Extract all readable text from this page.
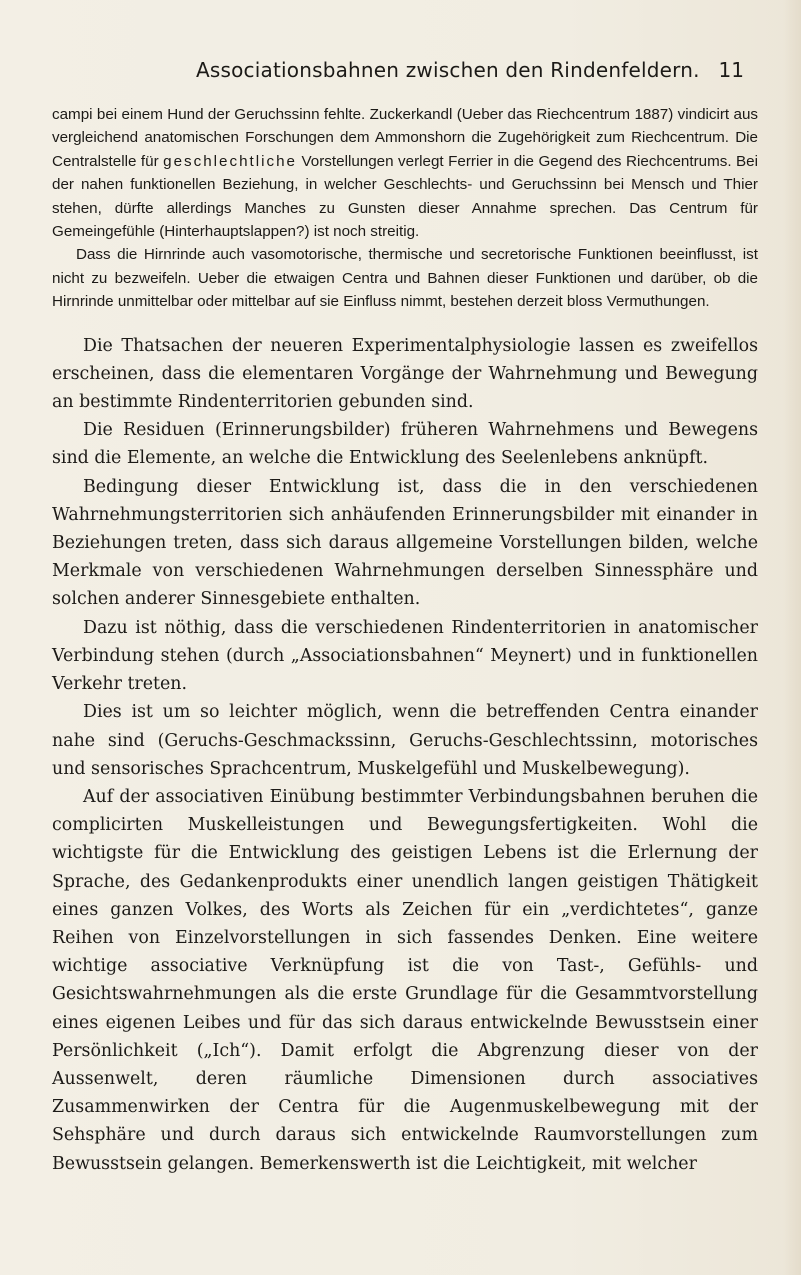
Associationsbahnen zwischen den Rindenfeldern. 11

campi bei einem Hund der Geruchssinn fehlte. Zuckerkandl (Ueber das Riechcentrum 1887) vindicirt aus vergleichend anatomischen Forschungen dem Ammonshorn die Zugehörigkeit zum Riechcentrum. Die Centralstelle für geschlechtliche Vorstellungen verlegt Ferrier in die Gegend des Riechcentrums. Bei der nahen funktionellen Beziehung, in welcher Geschlechts- und Geruchssinn bei Mensch und Thier stehen, dürfte allerdings Manches zu Gunsten dieser Annahme sprechen. Das Centrum für Gemeingefühle (Hinterhauptslappen?) ist noch streitig.

Dass die Hirnrinde auch vasomotorische, thermische und secretorische Funktionen beeinflusst, ist nicht zu bezweifeln. Ueber die etwaigen Centra und Bahnen dieser Funktionen und darüber, ob die Hirnrinde unmittelbar oder mittelbar auf sie Einfluss nimmt, bestehen derzeit bloss Vermuthungen.

Die Thatsachen der neueren Experimentalphysiologie lassen es zweifellos erscheinen, dass die elementaren Vorgänge der Wahrnehmung und Bewegung an bestimmte Rindenterritorien gebunden sind.

Die Residuen (Erinnerungsbilder) früheren Wahrnehmens und Bewegens sind die Elemente, an welche die Entwicklung des Seelenlebens anknüpft.

Bedingung dieser Entwicklung ist, dass die in den verschiedenen Wahrnehmungsterritorien sich anhäufenden Erinnerungsbilder mit einander in Beziehungen treten, dass sich daraus allgemeine Vorstellungen bilden, welche Merkmale von verschiedenen Wahrnehmungen derselben Sinnessphäre und solchen anderer Sinnesgebiete enthalten.

Dazu ist nöthig, dass die verschiedenen Rindenterritorien in anatomischer Verbindung stehen (durch „Associationsbahnen“ Meynert) und in funktionellen Verkehr treten.

Dies ist um so leichter möglich, wenn die betreffenden Centra einander nahe sind (Geruchs-Geschmackssinn, Geruchs-Geschlechtssinn, motorisches und sensorisches Sprachcentrum, Muskelgefühl und Muskelbewegung).

Auf der associativen Einübung bestimmter Verbindungsbahnen beruhen die complicirten Muskelleistungen und Bewegungsfertigkeiten. Wohl die wichtigste für die Entwicklung des geistigen Lebens ist die Erlernung der Sprache, des Gedankenprodukts einer unendlich langen geistigen Thätigkeit eines ganzen Volkes, des Worts als Zeichen für ein „verdichtetes“, ganze Reihen von Einzelvorstellungen in sich fassendes Denken. Eine weitere wichtige associative Verknüpfung ist die von Tast-, Gefühls- und Gesichtswahrnehmungen als die erste Grundlage für die Gesammtvorstellung eines eigenen Leibes und für das sich daraus entwickelnde Bewusstsein einer Persönlichkeit („Ich“). Damit erfolgt die Abgrenzung dieser von der Aussenwelt, deren räumliche Dimensionen durch associatives Zusammenwirken der Centra für die Augenmuskelbewegung mit der Sehsphäre und durch daraus sich entwickelnde Raumvorstellungen zum Bewusstsein gelangen. Bemerkenswerth ist die Leichtigkeit, mit welcher
